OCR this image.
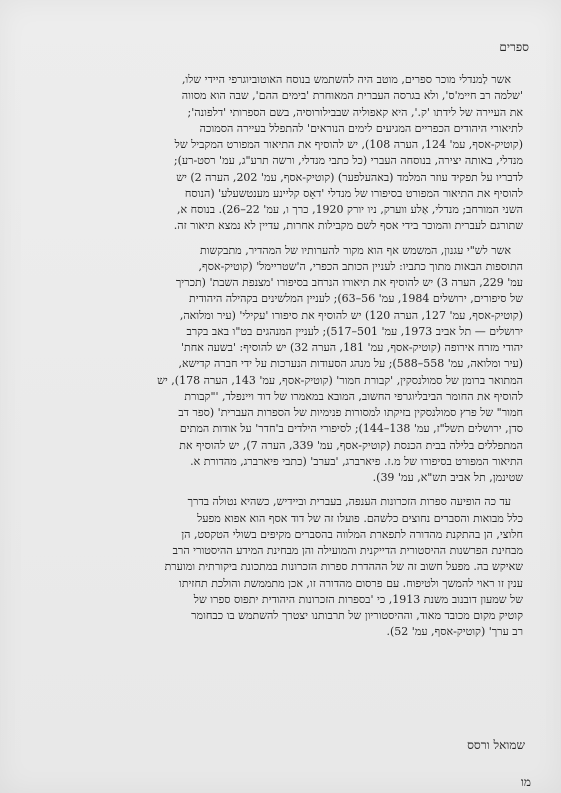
ספרים
אשר לַמנדלי מוכר ספרים, מוטב היה להשתמש בנוסח האוטוביוגרפי היידי שלו,
'שלמה רב חיימ'ס', ולא בגרסה העברית המאוחרת 'בימים ההם', שבה הוא מסווה
את העיירה של לידתו 'ק.', היא קאפוליה שבבילורוסיה, בשם הספרותי 'דלפונה';
לתיאורי היהודים הכפריים המגיעים לימים הנוראים' להתפלל בעיירה הסמוכה
(קוטיק-אסף, עמ' 124, הערה 108), יש להוסיף את התיאור המפורט המקביל של
מנדלי, באותה יצירה, בנוסחה העברי (כל כתבי מנדלי, ורשה תרע"ג, עמ' רסט-רע);
לדבריו על תפקיד עוזר המלמד (באהעלפער) (קוטיק-אסף, עמ' 202, הערה 2) יש
להוסיף את התיאור המפורט בסיפורו של מנדלי 'דאָס קליינע מענטשעלע' (הנוסח
השני המורחב; מנדלי, אַלע ווערק, ניו יורק 1920, כרך ו, עמ' 22–26). בנוסח א,
שתורגם לעברית והמוכר בידי אסף לשם מקבילות אחרות, עדיין לא נמצא תיאור זה.
אשר לש"י עגנון, המשמש אף הוא מקור להערותיו של המהדיר, מתבקשות
התוספות הבאות מתוך כתביו: לעניין הכותב הכפרי, ה'שטריימל' (קוטיק-אסף,
עמ' 229, הערה 3) יש להוסיף את תיאורו הנרחב בסיפורו 'מצנפת השבת' (תכריך
של סיפורים, ירושלים 1984, עמ' 56–63); לעניין המלשינים בקהילה היהודית
(קוטיק-אסף, עמ' 127, הערה 120) יש להוסיף את סיפורו 'עקילי' (עיר ומלואה,
ירושלים — תל אביב 1973, עמ' 501–517); לעניין המנהגים בט"ו באב בקרב
יהודי מזרח אירופה (קוטיק-אסף, עמ' 181, הערה 32) יש להוסיף: 'בשעה אחת'
(עיר ומלואה, עמ' 558–588); על מנהג הסעודות הנערכות על ידי חברה קדישא,
המתואר ברומן של סמולנסקין, 'קבורת חמור' (קוטיק-אסף, עמ' 143, הערה 178), יש
להוסיף את החומר הביבליוגרפי החשוב, המובא במאמרו של דוד ויינפלד, '"קבורת
חמור" של פרץ סמולנסקין בזיקתו למסורות פנימיות של הספרות העברית' (ספר דב
סדן, ירושלים תשל"ז, עמ' 138–144); לסיפורי הילדים ב'חדר' על אודות המתים
המתפללים בלילה בבית הכנסת (קוטיק-אסף, עמ' 339, הערה 7), יש להוסיף את
התיאור המפורט בסיפורו של מ.ז. פיארברג, 'בערב' (כתבי פיארברג, מהדורת א.
שטינמן, תל אביב תש"א, עמ' 39).
עד כה הופיעה ספרות הזכרונות הענפה, בעברית וביידיש, כשהיא נטולה בדרך
כלל מבואות והסברים נחוצים כלשהם. פועלו זה של דוד אסף הוא אפוא מפעל
חלוצי, הן בהתקנת מהדורה לתפארת המלווה בהסברים מקיפים בשולי הטקסט, הן
מבחינת הפרשנות ההיסטורית הדייקנית והמועילה והן מבחינת המידע ההיסטורי הרב
שאיקש בה. מפעל חשוב זה של הההדרת ספרות הזכרונות במתכונת ביקורתית ומוערת
ענין זו ראוי להמשך ולטיפוח. עם פרסום מהדורה זו, אכן מתממשת והולכת תחזיתו
של שמעון דובנוב משנת 1913, כי 'בספרות הזכרונות היהודית יתפוס ספרו של
קוטיק מקום מכובד מאוד, וההיסטוריון של תרבותנו יצטרך להשתמש בו כבחומר
רב ערך' (קוטיק-אסף, עמ' 52).
שמואל ורסס
מו
